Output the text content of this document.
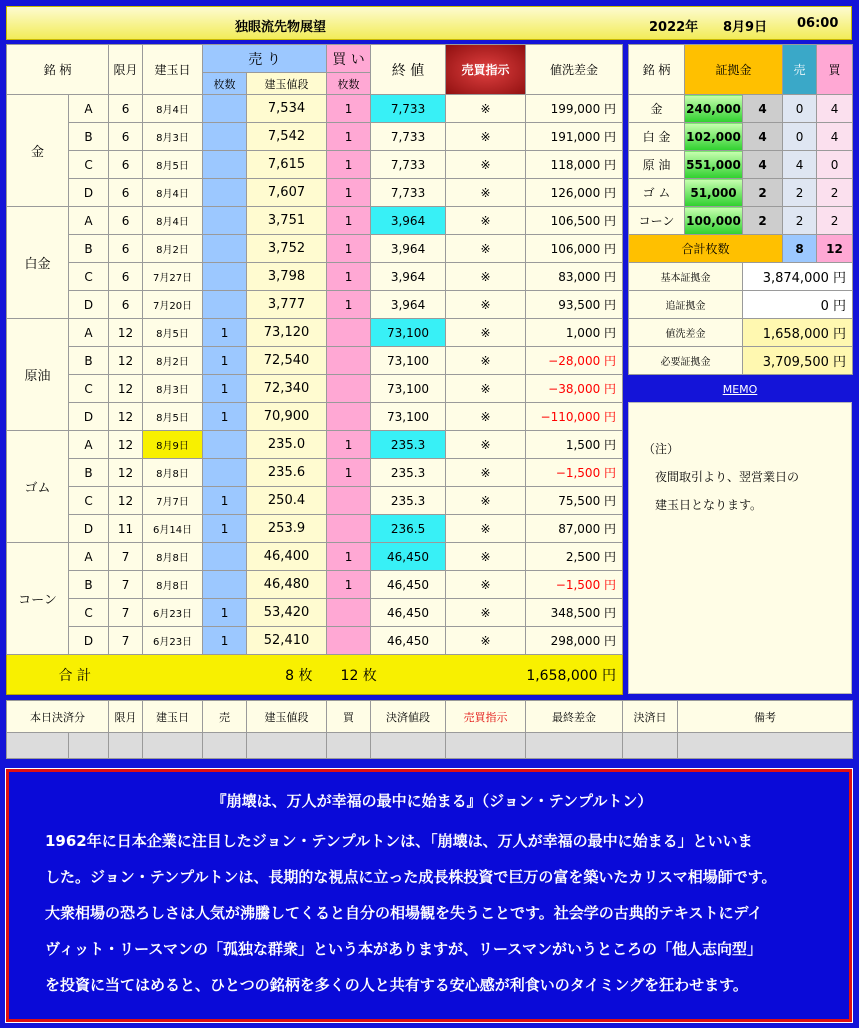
独眼流先物展望	2022年 8月9日 06:00
銘 柄		限月	建玉日	売 り		買 い	終 値	売買指示	値洗差金
				枚数	建玉値段	枚数			
金	A	6	8月4日		7,534	1	7,733	※	199,000 円
	B	6	8月3日		7,542	1	7,733	※	191,000 円
	C	6	8月5日		7,615	1	7,733	※	118,000 円
	D	6	8月4日		7,607	1	7,733	※	126,000 円
白金	A	6	8月4日		3,751	1	3,964	※	106,500 円
	B	6	8月2日		3,752	1	3,964	※	106,000 円
	C	6	7月27日		3,798	1	3,964	※	83,000 円
	D	6	7月20日		3,777	1	3,964	※	93,500 円
原油	A	12	8月5日	1	73,120		73,100	※	1,000 円
	B	12	8月2日	1	72,540		73,100	※	−28,000 円
	C	12	8月3日	1	72,340		73,100	※	−38,000 円
	D	12	8月5日	1	70,900		73,100	※	−110,000 円
ゴム	A	12	8月9日		235.0	1	235.3	※	1,500 円
	B	12	8月8日		235.6	1	235.3	※	−1,500 円
	C	12	7月7日	1	250.4		235.3	※	75,500 円
	D	11	6月14日	1	253.9		236.5	※	87,000 円
コーン	A	7	8月8日		46,400	1	46,450	※	2,500 円
	B	7	8月8日		46,480	1	46,450	※	−1,500 円
	C	7	6月23日	1	53,420		46,450	※	348,500 円
	D	7	6月23日	1	52,410		46,450	※	298,000 円
合 計			8 枚			12 枚		1,658,000 円	
銘 柄	証拠金		売	買
金	240,000	4	0	4
白 金	102,000	4	0	4
原 油	551,000	4	4	0
ゴ ム	51,000	2	2	2
コーン	100,000	2	2	2
合計枚数			8	12
基本証拠金		3,874,000 円		
追証拠金		0 円		
値洗差金		1,658,000 円		
必要証拠金		3,709,500 円		
MEMO
（注）
　夜間取引より、翌営業日の
　建玉日となります。
本日決済分		限月	建玉日	売	建玉値段	買	決済値段	売買指示	最終差金	決済日	備考

『崩壊は、万人が幸福の最中に始まる』（ジョン・テンプルトン）
1962年に日本企業に注目したジョン・テンプルトンは、「崩壊は、万人が幸福の最中に始まる」といいま
した。ジョン・テンプルトンは、長期的な視点に立った成長株投資で巨万の富を築いたカリスマ相場師です。
大衆相場の恐ろしさは人気が沸騰してくると自分の相場観を失うことです。社会学の古典的テキストにデイ
ヴィット・リースマンの「孤独な群衆」という本がありますが、リースマンがいうところの「他人志向型」
を投資に当てはめると、ひとつの銘柄を多くの人と共有する安心感が利食いのタイミングを狂わせます。
